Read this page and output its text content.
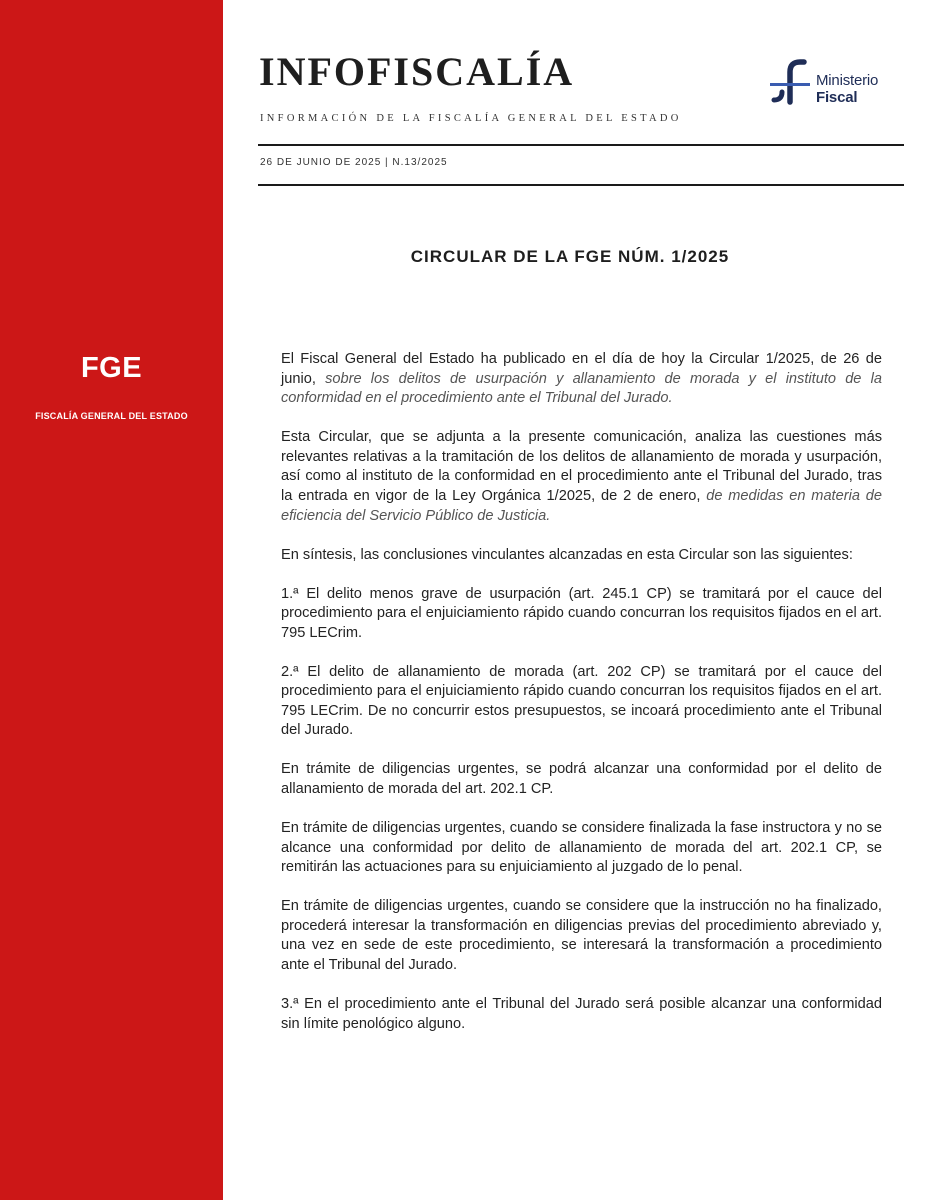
FGE
FISCALÍA GENERAL DEL ESTADO
INFOFISCALÍA
INFORMACIÓN DE LA FISCALÍA GENERAL DEL ESTADO
Ministerio
Fiscal
26 DE JUNIO DE 2025 | N.13/2025
CIRCULAR DE LA FGE NÚM. 1/2025

El Fiscal General del Estado ha publicado en el día de hoy la Circular 1/2025, de 26 de junio, sobre los delitos de usurpación y allanamiento de morada y el instituto de la conformidad en el procedimiento ante el Tribunal del Jurado.

Esta Circular, que se adjunta a la presente comunicación, analiza las cuestiones más relevantes relativas a la tramitación de los delitos de allanamiento de morada y usurpación, así como al instituto de la conformidad en el procedimiento ante el Tribunal del Jurado, tras la entrada en vigor de la Ley Orgánica 1/2025, de 2 de enero, de medidas en materia de eficiencia del Servicio Público de Justicia.

En síntesis, las conclusiones vinculantes alcanzadas en esta Circular son las siguientes:

1.ª El delito menos grave de usurpación (art. 245.1 CP) se tramitará por el cauce del procedimiento para el enjuiciamiento rápido cuando concurran los requisitos fijados en el art. 795 LECrim.

2.ª El delito de allanamiento de morada (art. 202 CP) se tramitará por el cauce del procedimiento para el enjuiciamiento rápido cuando concurran los requisitos fijados en el art. 795 LECrim. De no concurrir estos presupuestos, se incoará procedimiento ante el Tribunal del Jurado.

En trámite de diligencias urgentes, se podrá alcanzar una conformidad por el delito de allanamiento de morada del art. 202.1 CP.

En trámite de diligencias urgentes, cuando se considere finalizada la fase instructora y no se alcance una conformidad por delito de allanamiento de morada del art. 202.1 CP, se remitirán las actuaciones para su enjuiciamiento al juzgado de lo penal.

En trámite de diligencias urgentes, cuando se considere que la instrucción no ha finalizado, procederá interesar la transformación en diligencias previas del procedimiento abreviado y, una vez en sede de este procedimiento, se interesará la transformación a procedimiento ante el Tribunal del Jurado.

3.ª En el procedimiento ante el Tribunal del Jurado será posible alcanzar una conformidad sin límite penológico alguno.
